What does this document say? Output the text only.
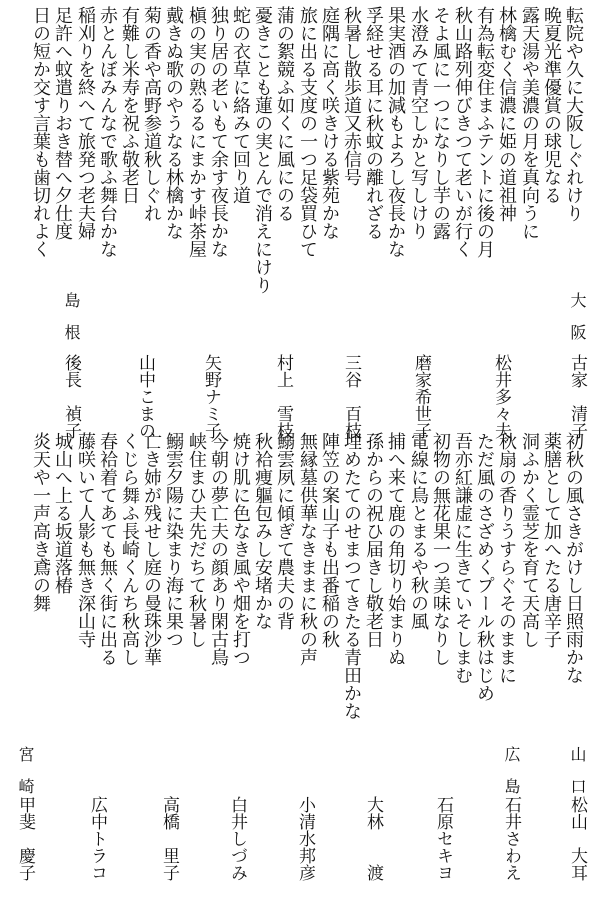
転院や久に大阪しぐれけり
晩夏光準優賞の球児なる
露天湯や美濃の月を真向うに
林檎むく信濃に姫の道祖神
有為転変住まふテントに後の月
秋山路列伸びきつて老いが行く
そよ風に一つになりし芋の露
水澄みて青空しかと写しけり
果実酒の加減もよろし夜長かな
孚経せる耳に秋蚊の離れざる
秋暑し散歩道又赤信号
庭隅に高く咲きける紫苑かな
旅に出る支度の一つ足袋買ひて
蒲の絮競ふ如くに風にのる
憂きことも蓮の実とんで消えにけり
蛇の衣草に絡みて回り道
独り居の老いもて余す夜長かな
槇の実の熟るるにまかす峠茶屋
戴きぬ歌のやうなる林檎かな
菊の香や高野参道秋しぐれ
有難し米寿を祝ふ敬老日
赤とんぼみんなで歌ふ舞台かな
稲刈りを終へて旅発つ老夫婦
足許へ蚊遣りおき替へ夕仕度
日の短か交す言葉も歯切れよく
大　阪
古家　清子
松井多々夫
磨家希世子
三谷　百枝
村上　雪枝
矢野ナミ子
山中こまの
島　根
後長　禎子
初秋の風さきがけし日照雨かな
薬膳として加へたる唐辛子
洞ふかく霊芝を育て天高し
秋扇の香りうすらぐそのままに
ただ風のさざめくプール秋はじめ
吾亦紅謙虚に生きていそしまむ
初物の無花果一つ美味なりし
電線に鳥とまるや秋の風
捕へ来て鹿の角切り始まりぬ
孫からの祝ひ届きし敬老日
埋めたてのせまつてきたる青田かな
陣笠の案山子も出番稲の秋
無縁墓供華なきままに秋の声
鰯雲夙に傾ぎて農夫の背
秋袷痩軀包みし安堵かな
焼け肌に色なき風や畑を打つ
今朝の夢亡夫の顔あり閑古鳥
峡住まひ夫先だちて秋暑し
鰯雲夕陽に染まり海に果つ
亡き姉が残せし庭の曼珠沙華
くじら舞ふ長崎くんち秋高し
春袷着てあても無く街に出る
藤咲いて人影も無き深山寺
城山へ上る坂道落椿
炎天や一声高き鳶の舞
山　口
松山　大耳
広　島
石井さわえ
石原セキヨ
大林　　渡
小清水邦彦
白井しづみ
高橋　里子
広中トラコ
宮　崎
甲斐　慶子
